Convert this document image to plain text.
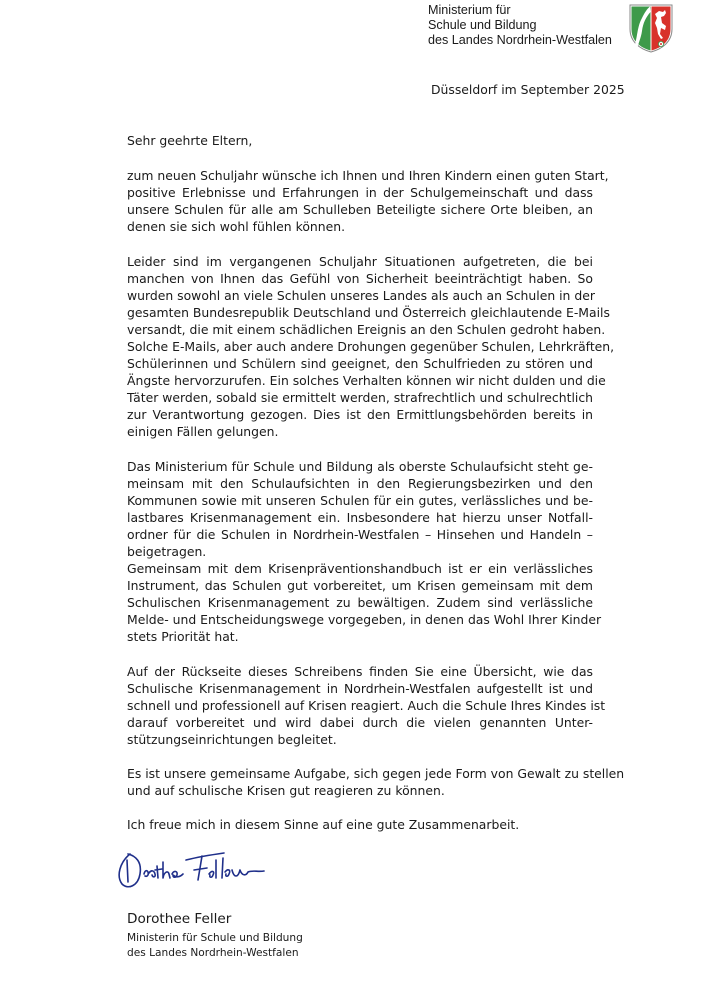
Ministerium für
Schule und Bildung
des Landes Nordrhein-Westfalen
Düsseldorf im September 2025
Sehr geehrte Eltern,
zum neuen Schuljahr wünsche ich Ihnen und Ihren Kindern einen guten Start,
positive Erlebnisse und Erfahrungen in der Schulgemeinschaft und dass
unsere Schulen für alle am Schulleben Beteiligte sichere Orte bleiben, an
denen sie sich wohl fühlen können.
Leider sind im vergangenen Schuljahr Situationen aufgetreten, die bei
manchen von Ihnen das Gefühl von Sicherheit beeinträchtigt haben. So
wurden sowohl an viele Schulen unseres Landes als auch an Schulen in der
gesamten Bundesrepublik Deutschland und Österreich gleichlautende E-Mails
versandt, die mit einem schädlichen Ereignis an den Schulen gedroht haben.
Solche E-Mails, aber auch andere Drohungen gegenüber Schulen, Lehrkräften,
Schülerinnen und Schülern sind geeignet, den Schulfrieden zu stören und
Ängste hervorzurufen. Ein solches Verhalten können wir nicht dulden und die
Täter werden, sobald sie ermittelt werden, strafrechtlich und schulrechtlich
zur Verantwortung gezogen. Dies ist den Ermittlungsbehörden bereits in
einigen Fällen gelungen.
Das Ministerium für Schule und Bildung als oberste Schulaufsicht steht ge-
meinsam mit den Schulaufsichten in den Regierungsbezirken und den
Kommunen sowie mit unseren Schulen für ein gutes, verlässliches und be-
lastbares Krisenmanagement ein. Insbesondere hat hierzu unser Notfall-
ordner für die Schulen in Nordrhein-Westfalen – Hinsehen und Handeln –
beigetragen.
Gemeinsam mit dem Krisenpräventionshandbuch ist er ein verlässliches
Instrument, das Schulen gut vorbereitet, um Krisen gemeinsam mit dem
Schulischen Krisenmanagement zu bewältigen. Zudem sind verlässliche
Melde- und Entscheidungswege vorgegeben, in denen das Wohl Ihrer Kinder
stets Priorität hat.
Auf der Rückseite dieses Schreibens finden Sie eine Übersicht, wie das
Schulische Krisenmanagement in Nordrhein-Westfalen aufgestellt ist und
schnell und professionell auf Krisen reagiert. Auch die Schule Ihres Kindes ist
darauf vorbereitet und wird dabei durch die vielen genannten Unter-
stützungseinrichtungen begleitet.
Es ist unsere gemeinsame Aufgabe, sich gegen jede Form von Gewalt zu stellen
und auf schulische Krisen gut reagieren zu können.
Ich freue mich in diesem Sinne auf eine gute Zusammenarbeit.
Dorothee Feller
Ministerin für Schule und Bildung
des Landes Nordrhein-Westfalen
